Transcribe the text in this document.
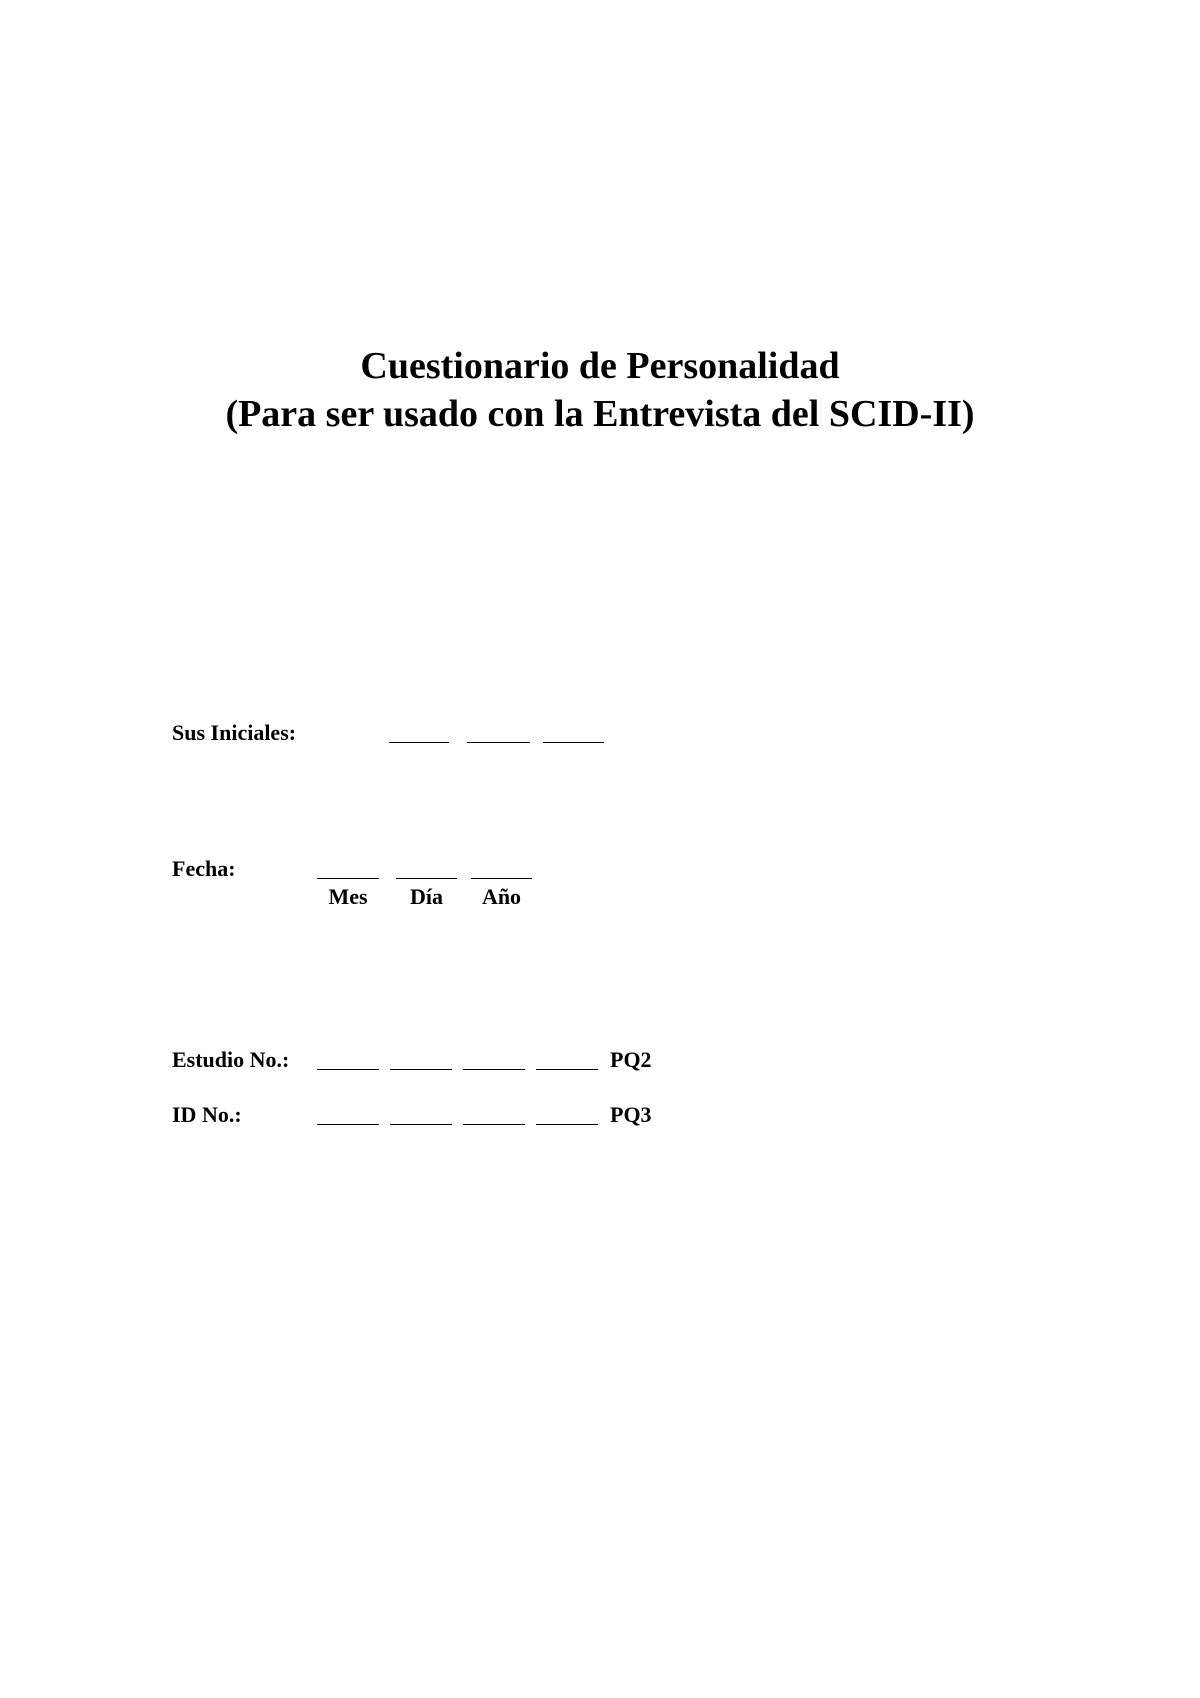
Cuestionario de Personalidad
(Para ser usado con la Entrevista del SCID-II)
Sus Iniciales:
Fecha:
Mes	Día	Año
Estudio No.:	PQ2
ID No.:	PQ3
